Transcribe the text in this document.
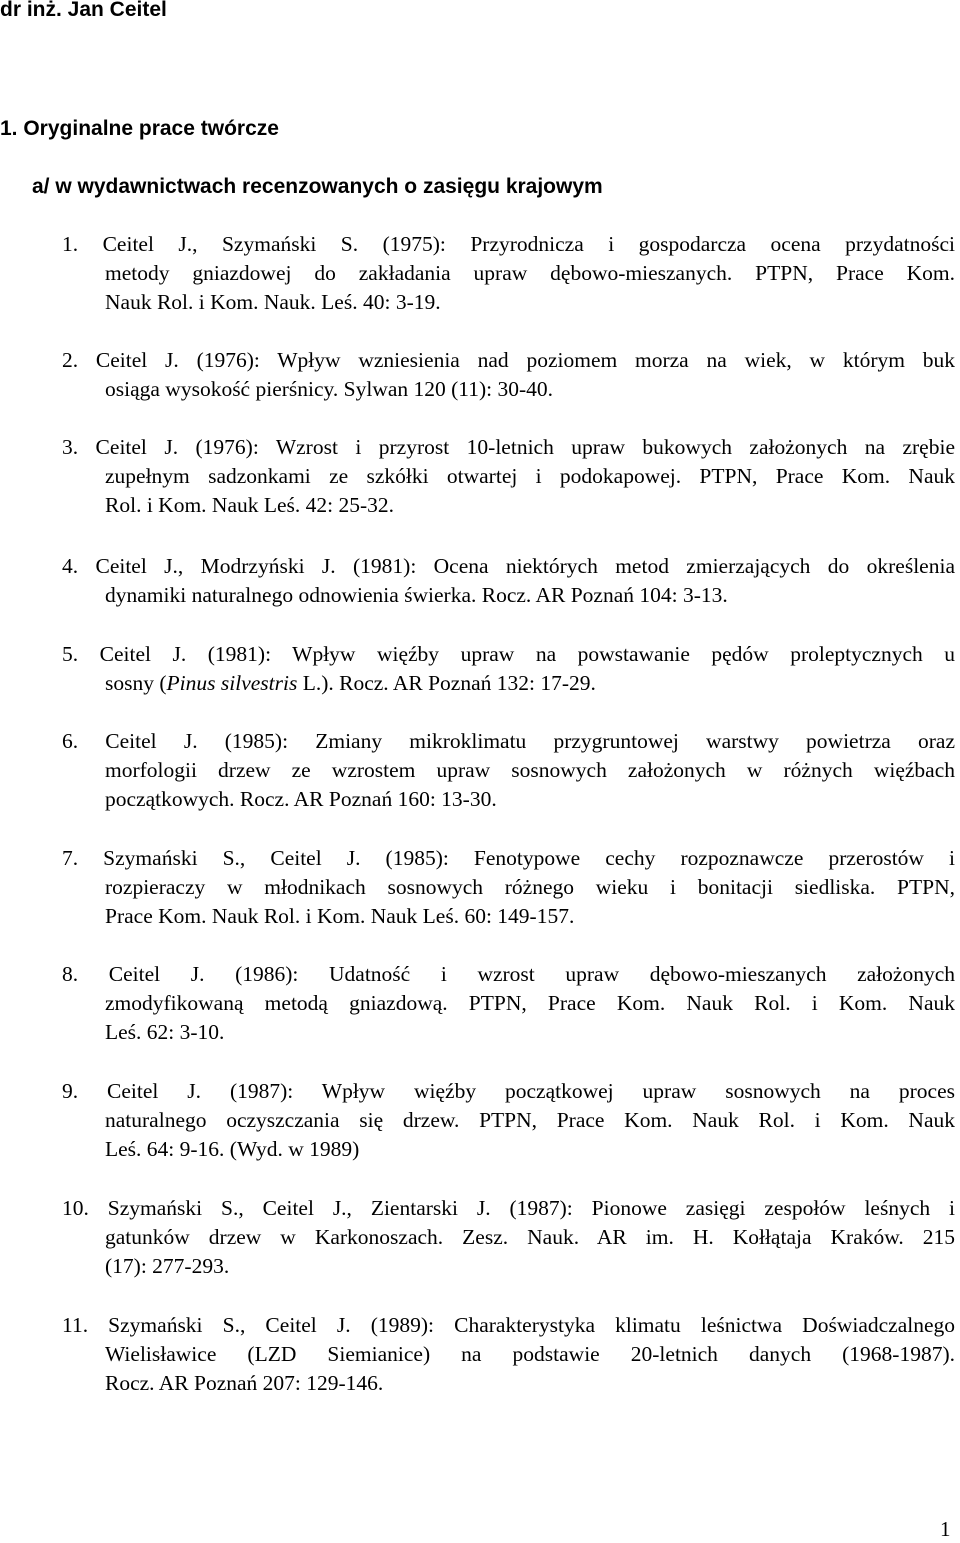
dr inż. Jan Ceitel
1. Oryginalne prace twórcze
a/ w wydawnictwach recenzowanych o zasięgu krajowym
1. Ceitel J., Szymański S. (1975): Przyrodnicza i gospodarcza ocena przydatności
metody gniazdowej do zakładania upraw dębowo-mieszanych. PTPN, Prace Kom.
Nauk Rol. i Kom. Nauk. Leś. 40: 3-19.
2. Ceitel J. (1976): Wpływ wzniesienia nad poziomem morza na wiek, w którym buk
osiąga wysokość pierśnicy. Sylwan 120 (11): 30-40.
3. Ceitel J. (1976): Wzrost i przyrost 10-letnich upraw bukowych założonych na zrębie
zupełnym sadzonkami ze szkółki otwartej i podokapowej. PTPN, Prace Kom. Nauk
Rol. i Kom. Nauk Leś. 42: 25-32.
4. Ceitel J., Modrzyński J. (1981): Ocena niektórych metod zmierzających do określenia
dynamiki naturalnego odnowienia świerka. Rocz. AR Poznań 104: 3-13.
5. Ceitel J. (1981): Wpływ więźby upraw na powstawanie pędów proleptycznych u
sosny (Pinus silvestris L.). Rocz. AR Poznań 132: 17-29.
6. Ceitel J. (1985): Zmiany mikroklimatu przygruntowej warstwy powietrza oraz
morfologii drzew ze wzrostem upraw sosnowych założonych w różnych więźbach
początkowych. Rocz. AR Poznań 160: 13-30.
7. Szymański S., Ceitel J. (1985): Fenotypowe cechy rozpoznawcze przerostów i
rozpieraczy w młodnikach sosnowych różnego wieku i bonitacji siedliska. PTPN,
Prace Kom. Nauk Rol. i Kom. Nauk Leś. 60: 149-157.
8. Ceitel J. (1986): Udatność i wzrost upraw dębowo-mieszanych założonych
zmodyfikowaną metodą gniazdową. PTPN, Prace Kom. Nauk Rol. i Kom. Nauk
Leś. 62: 3-10.
9. Ceitel J. (1987): Wpływ więźby początkowej upraw sosnowych na proces
naturalnego oczyszczania się drzew. PTPN, Prace Kom. Nauk Rol. i Kom. Nauk
Leś. 64: 9-16. (Wyd. w 1989)
10. Szymański S., Ceitel J., Zientarski J. (1987): Pionowe zasięgi zespołów leśnych i
gatunków drzew w Karkonoszach. Zesz. Nauk. AR im. H. Kołłątaja Kraków. 215
(17): 277-293.
11. Szymański S., Ceitel J. (1989): Charakterystyka klimatu leśnictwa Doświadczalnego
Wielisławice (LZD Siemianice) na podstawie 20-letnich danych (1968-1987).
Rocz. AR Poznań 207: 129-146.
1
